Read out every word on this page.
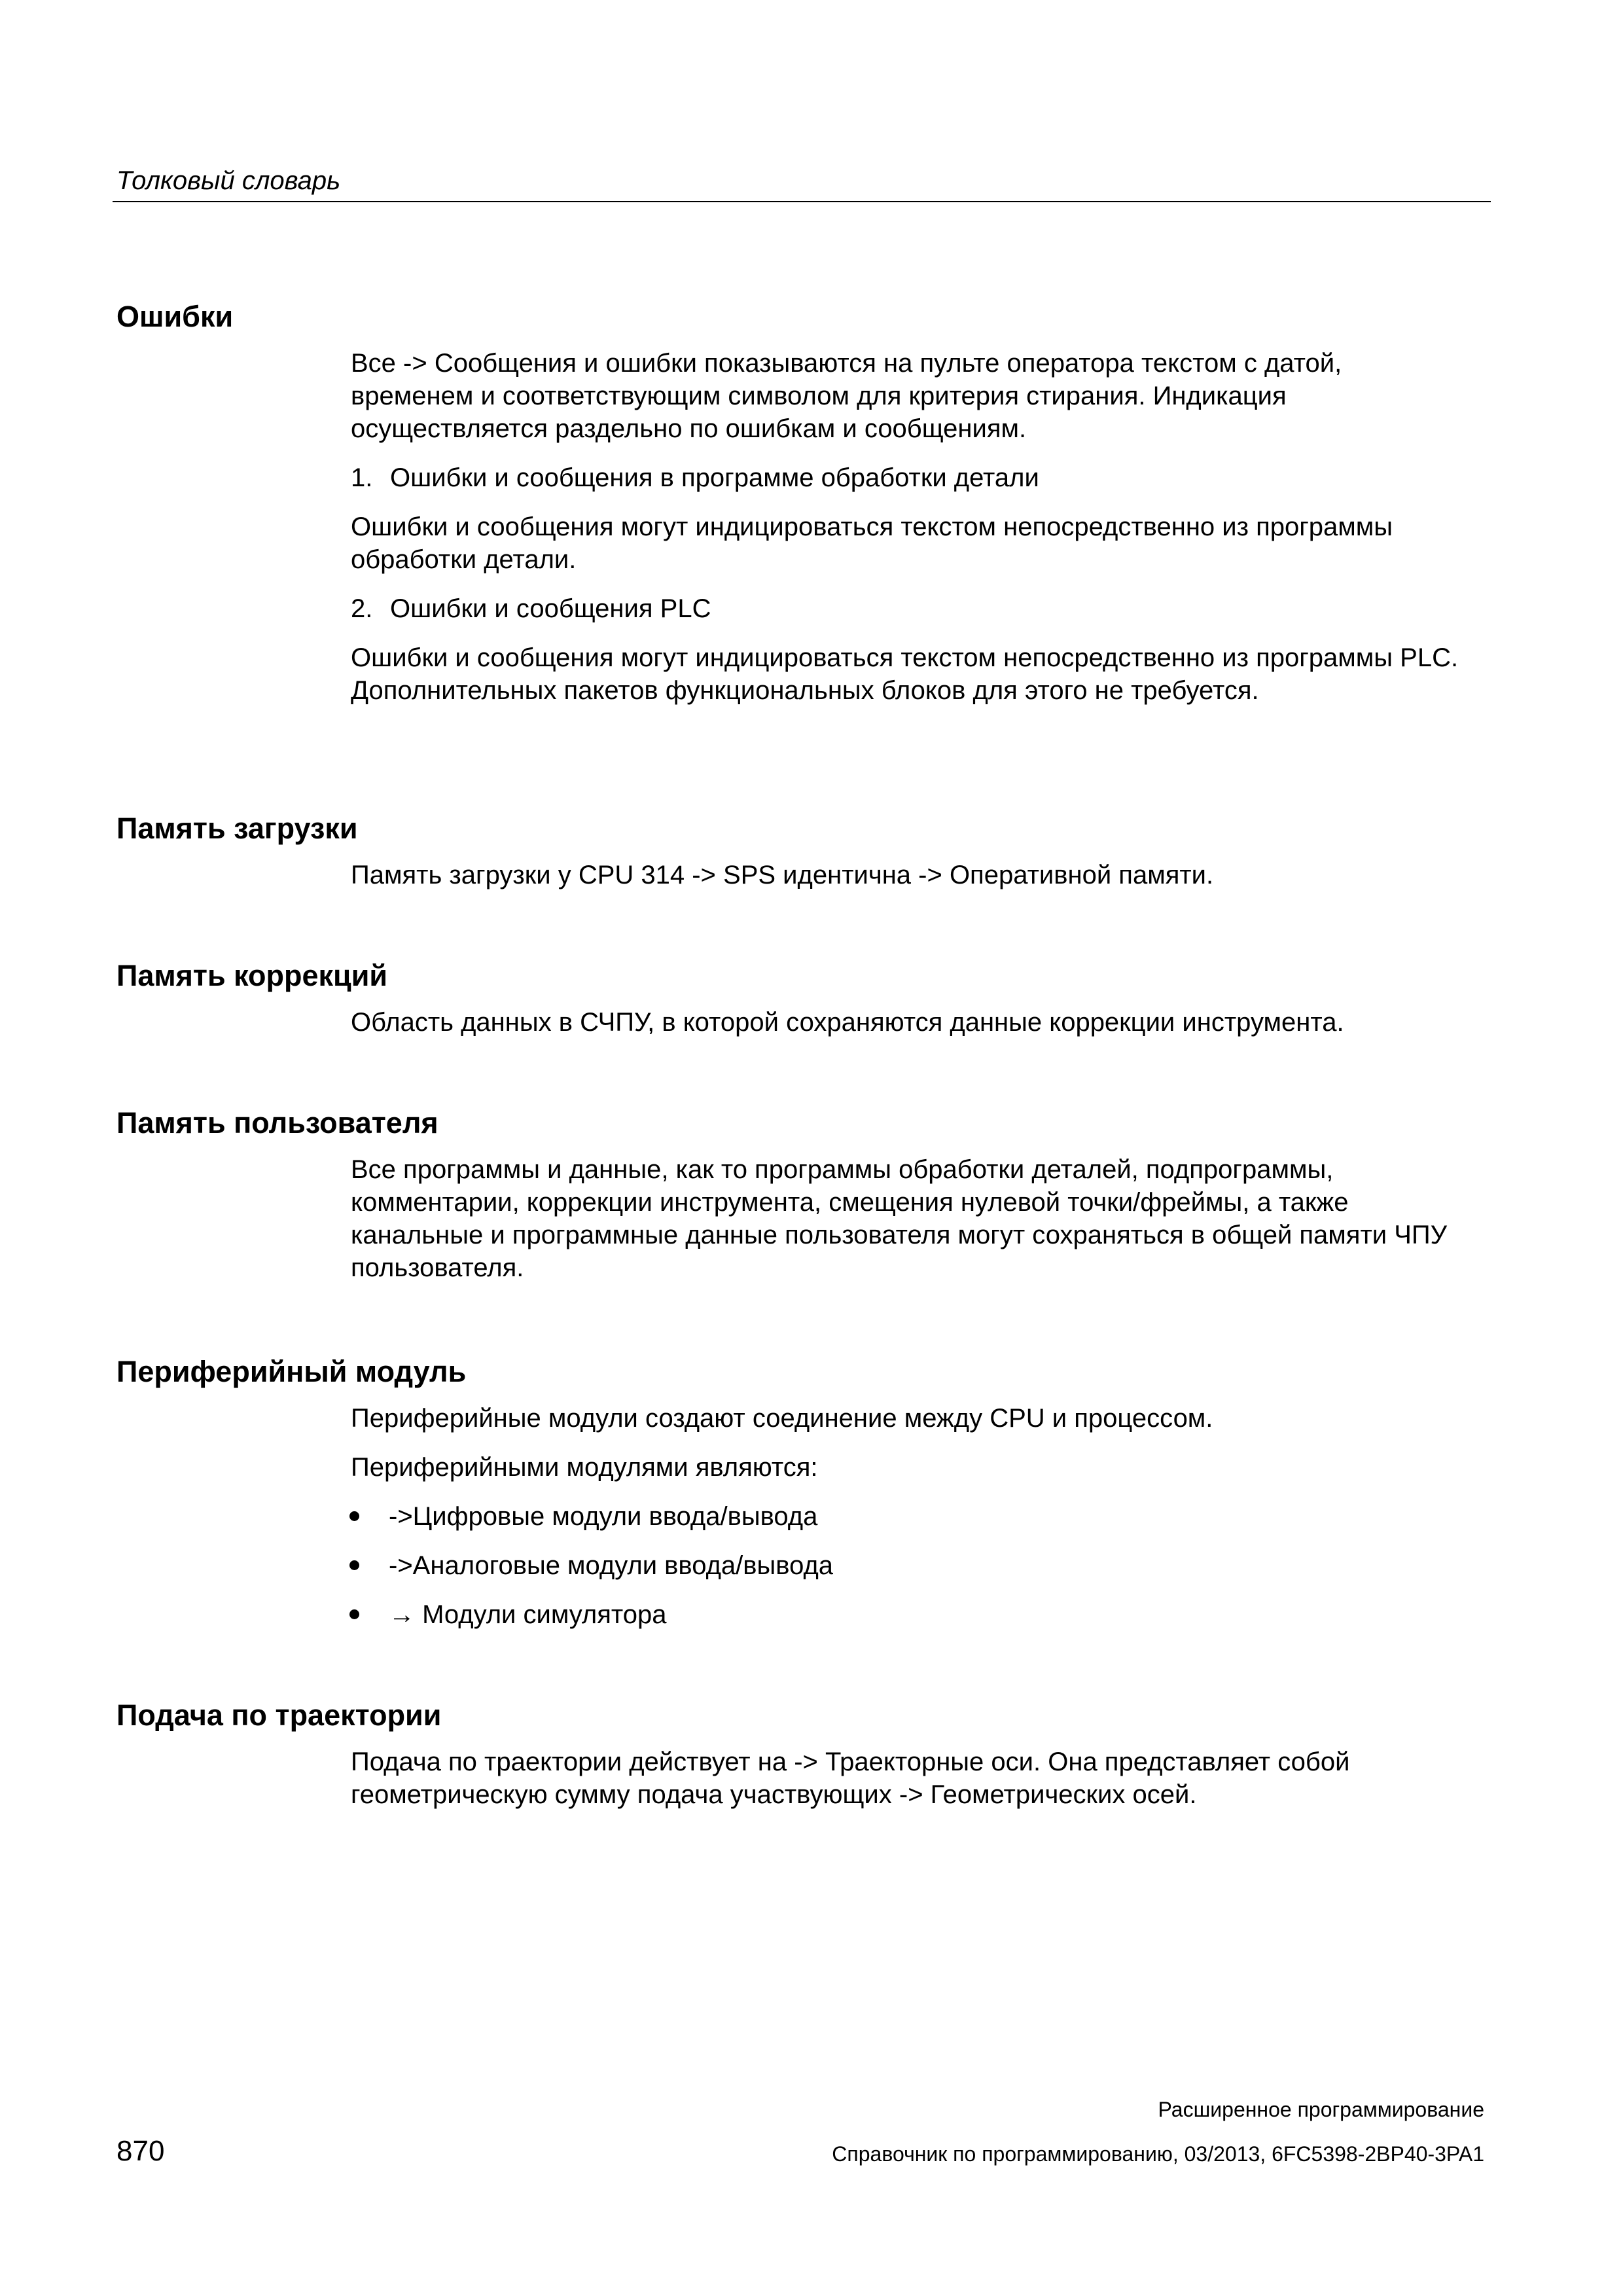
Толковый словарь
Ошибки

Все -> Сообщения и ошибки показываются на пульте оператора текстом с датой, временем и соответствующим символом для критерия стирания. Индикация осуществляется раздельно по ошибкам и сообщениям.

1. Ошибки и сообщения в программе обработки детали

Ошибки и сообщения могут индицироваться текстом непосредственно из программы обработки детали.

2. Ошибки и сообщения PLC

Ошибки и сообщения могут индицироваться текстом непосредственно из программы PLC. Дополнительных пакетов функциональных блоков для этого не требуется.

Память загрузки

Память загрузки у CPU 314 -> SPS идентична -> Оперативной памяти.

Память коррекций

Область данных в СЧПУ, в которой сохраняются данные коррекции инструмента.

Память пользователя

Все программы и данные, как то программы обработки деталей, подпрограммы, комментарии, коррекции инструмента, смещения нулевой точки/фреймы, а также канальные и программные данные пользователя могут сохраняться в общей памяти ЧПУ пользователя.

Периферийный модуль

Периферийные модули создают соединение между CPU и процессом.

Периферийными модулями являются:

->Цифровые модули ввода/вывода
->Аналоговые модули ввода/вывода
→ Модули симулятора
Подача по траектории

Подача по траектории действует на -> Траекторные оси. Она представляет собой геометрическую сумму подача участвующих -> Геометрических осей.

Расширенное программирование
870	Справочник по программированию, 03/2013, 6FC5398-2BP40-3PA1
